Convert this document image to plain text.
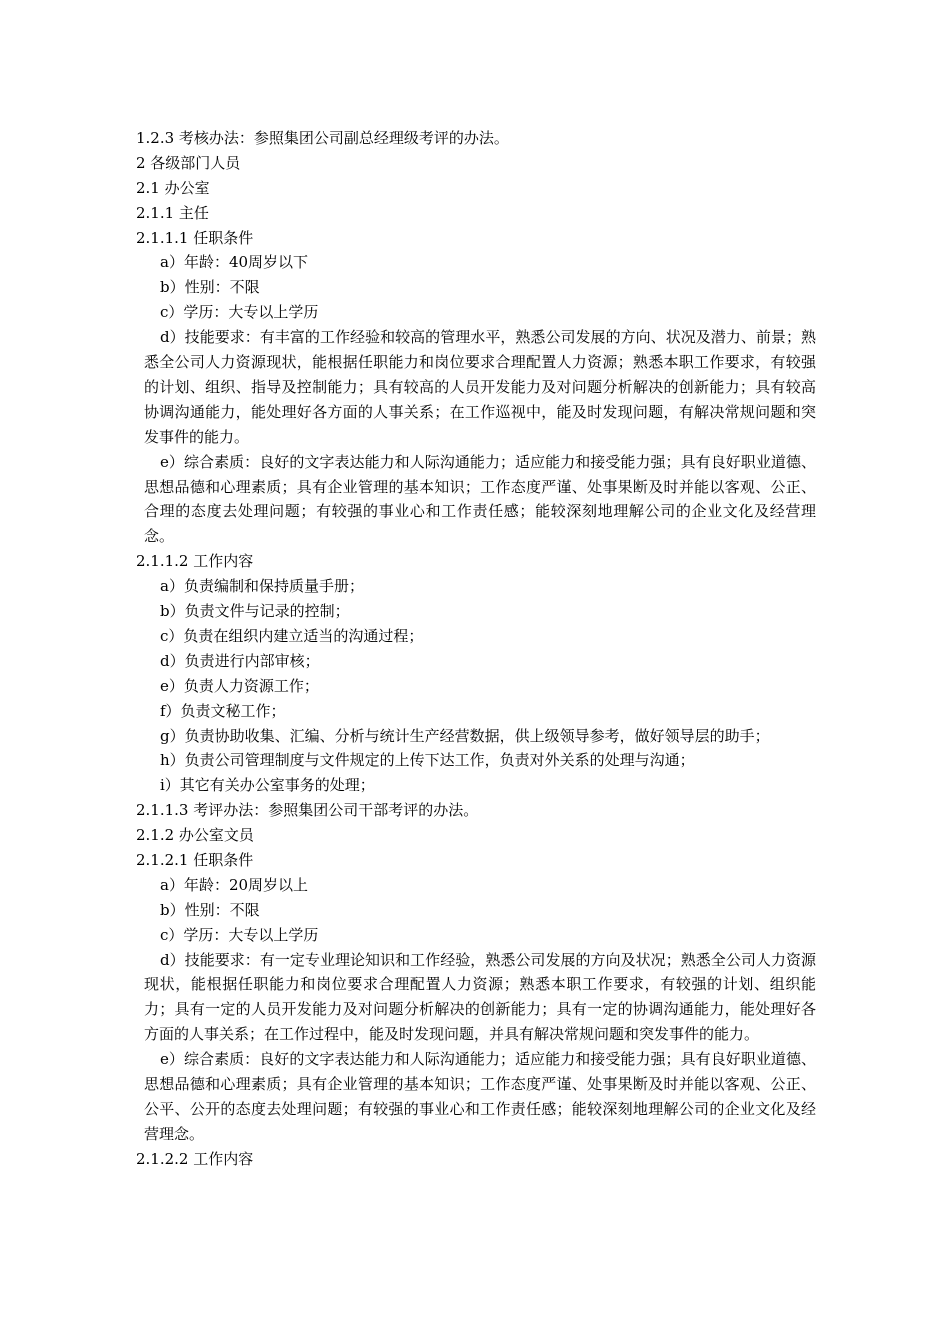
1.2.3 考核办法：参照集团公司副总经理级考评的办法。
2 各级部门人员
2.1 办公室
2.1.1 主任
2.1.1.1 任职条件
a）年龄：40周岁以下
b）性别：不限
c）学历：大专以上学历
d）技能要求：有丰富的工作经验和较高的管理水平，熟悉公司发展的方向、状况及潜力、前景；熟悉全公司人力资源现状，能根据任职能力和岗位要求合理配置人力资源；熟悉本职工作要求，有较强的计划、组织、指导及控制能力；具有较高的人员开发能力及对问题分析解决的创新能力；具有较高协调沟通能力，能处理好各方面的人事关系；在工作巡视中，能及时发现问题，有解决常规问题和突发事件的能力。
e）综合素质：良好的文字表达能力和人际沟通能力；适应能力和接受能力强；具有良好职业道德、思想品德和心理素质；具有企业管理的基本知识；工作态度严谨、处事果断及时并能以客观、公正、合理的态度去处理问题；有较强的事业心和工作责任感；能较深刻地理解公司的企业文化及经营理念。
2.1.1.2 工作内容
a）负责编制和保持质量手册；
b）负责文件与记录的控制；
c）负责在组织内建立适当的沟通过程；
d）负责进行内部审核；
e）负责人力资源工作；
f）负责文秘工作；
g）负责协助收集、汇编、分析与统计生产经营数据，供上级领导参考，做好领导层的助手；
h）负责公司管理制度与文件规定的上传下达工作，负责对外关系的处理与沟通；
i）其它有关办公室事务的处理；
2.1.1.3 考评办法：参照集团公司干部考评的办法。
2.1.2 办公室文员
2.1.2.1 任职条件
a）年龄：20周岁以上
b）性别：不限
c）学历：大专以上学历
d）技能要求：有一定专业理论知识和工作经验，熟悉公司发展的方向及状况；熟悉全公司人力资源现状，能根据任职能力和岗位要求合理配置人力资源；熟悉本职工作要求，有较强的计划、组织能力；具有一定的人员开发能力及对问题分析解决的创新能力；具有一定的协调沟通能力，能处理好各方面的人事关系；在工作过程中，能及时发现问题，并具有解决常规问题和突发事件的能力。
e）综合素质：良好的文字表达能力和人际沟通能力；适应能力和接受能力强；具有良好职业道德、思想品德和心理素质；具有企业管理的基本知识；工作态度严谨、处事果断及时并能以客观、公正、公平、公开的态度去处理问题；有较强的事业心和工作责任感；能较深刻地理解公司的企业文化及经营理念。
2.1.2.2 工作内容
